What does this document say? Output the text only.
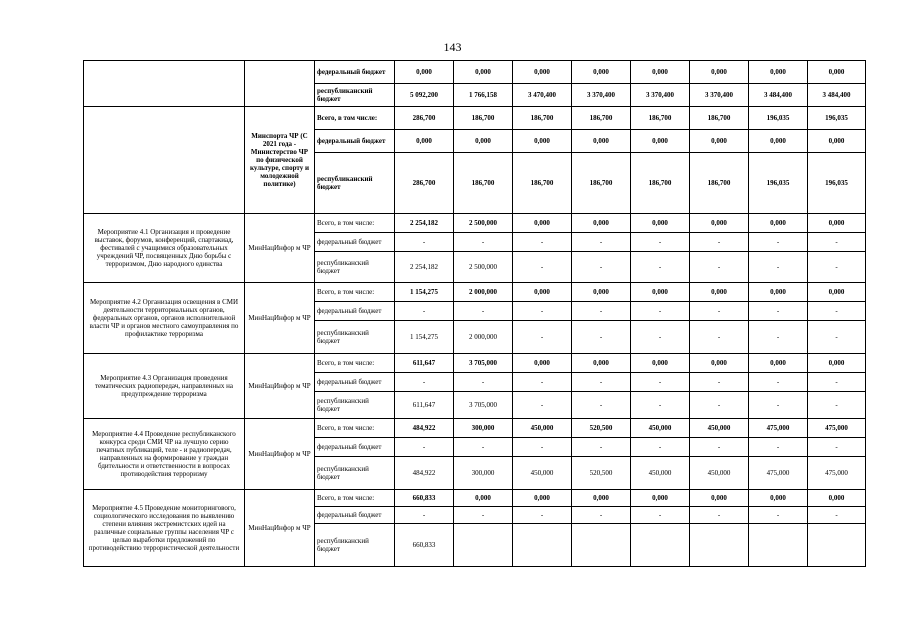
143
		федеральный бюджет	0,000	0,000	0,000	0,000	0,000	0,000	0,000	0,000
		республиканский бюджет	5 092,200	1 766,158	3 470,400	3 370,400	3 370,400	3 370,400	3 484,400	3 484,400
	Минспорта ЧР (С 2021 года - Министерство ЧР по физической культуре, спорту и молодежной политике)	Всего, в том числе:	286,700	186,700	186,700	186,700	186,700	186,700	196,035	196,035
		федеральный бюджет	0,000	0,000	0,000	0,000	0,000	0,000	0,000	0,000
		республиканский бюджет	286,700	186,700	186,700	186,700	186,700	186,700	196,035	196,035
Мероприятие 4.1 Организация и проведение выставок, форумов, конференций, спартакиад, фестивалей с учащимися образовательных учреждений ЧР, посвященных Дню борьбы с терроризмом, Дню народного единства	МинНацИнфор м ЧР	Всего, в том числе:	2 254,182	2 500,000	0,000	0,000	0,000	0,000	0,000	0,000
		федеральный бюджет	-	-	-	-	-	-	-	-
		республиканский бюджет	2 254,182	2 500,000	-	-	-	-	-	-
Мероприятие 4.2 Организация освещения в СМИ деятельности территориальных органов, федеральных органов, органов исполнительной власти ЧР и органов местного самоуправления по профилактике терроризма	МинНацИнфор м ЧР	Всего, в том числе:	1 154,275	2 000,000	0,000	0,000	0,000	0,000	0,000	0,000
		федеральный бюджет	-	-	-	-	-	-	-	-
		республиканский бюджет	1 154,275	2 000,000	-	-	-	-	-	-
Мероприятие 4.3 Организация проведения тематических радиопередач, направленных на предупреждение терроризма	МинНацИнфор м ЧР	Всего, в том числе:	611,647	3 705,000	0,000	0,000	0,000	0,000	0,000	0,000
		федеральный бюджет	-	-	-	-	-	-	-	-
		республиканский бюджет	611,647	3 705,000	-	-	-	-	-	-
Мероприятие 4.4 Проведение республиканского конкурса среди СМИ ЧР на лучшую серию печатных публикаций, теле - и радиопередач, направленных на формирование у граждан бдительности и ответственности в вопросах противодействия терроризму	МинНацИнфор м ЧР	Всего, в том числе:	484,922	300,000	450,000	520,500	450,000	450,000	475,000	475,000
		федеральный бюджет	-	-	-	-	-	-	-	-
		республиканский бюджет	484,922	300,000	450,000	520,500	450,000	450,000	475,000	475,000
Мероприятие 4.5 Проведение мониторингового, социологического исследования по выявлению степени влияния экстремистских идей на различные социальные группы населения ЧР с целью выработки предложений по противодействию террористической деятельности	МинНацИнфор м ЧР	Всего, в том числе:	660,833	0,000	0,000	0,000	0,000	0,000	0,000	0,000
		федеральный бюджет	-	-	-	-	-	-	-	-
		республиканский бюджет	660,833							
